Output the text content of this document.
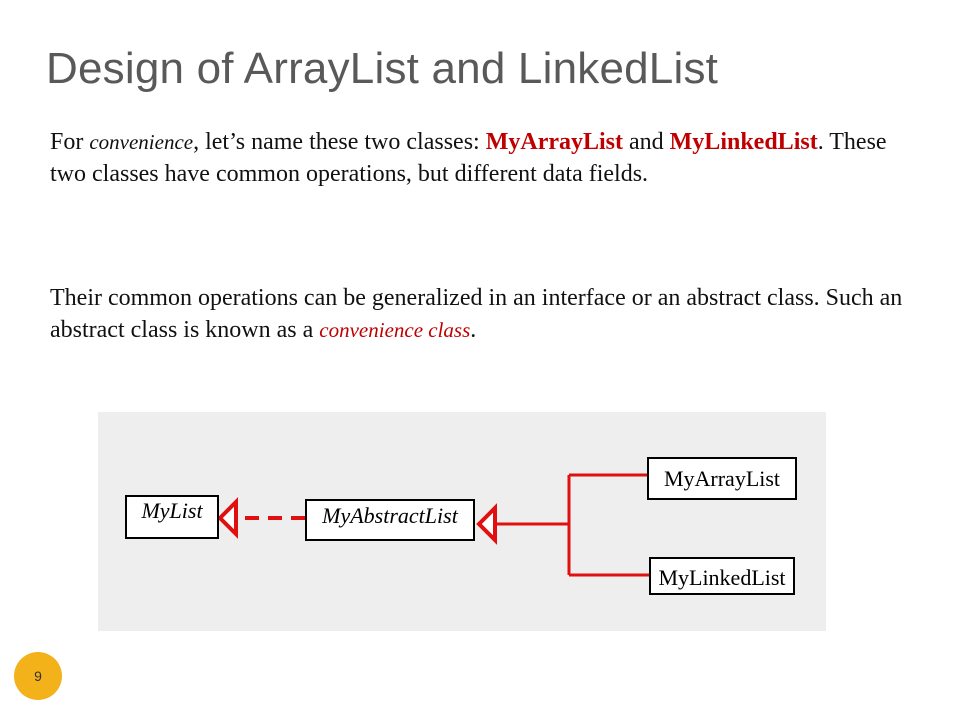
Design of ArrayList and LinkedList
For convenience, let’s name these two classes: MyArrayList and MyLinkedList. These two classes have common operations, but different data fields.
Their common operations can be generalized in an interface or an abstract class. Such an abstract class is known as a convenience class.
MyList	MyAbstractList
MyArrayList
MyLinkedList
9
